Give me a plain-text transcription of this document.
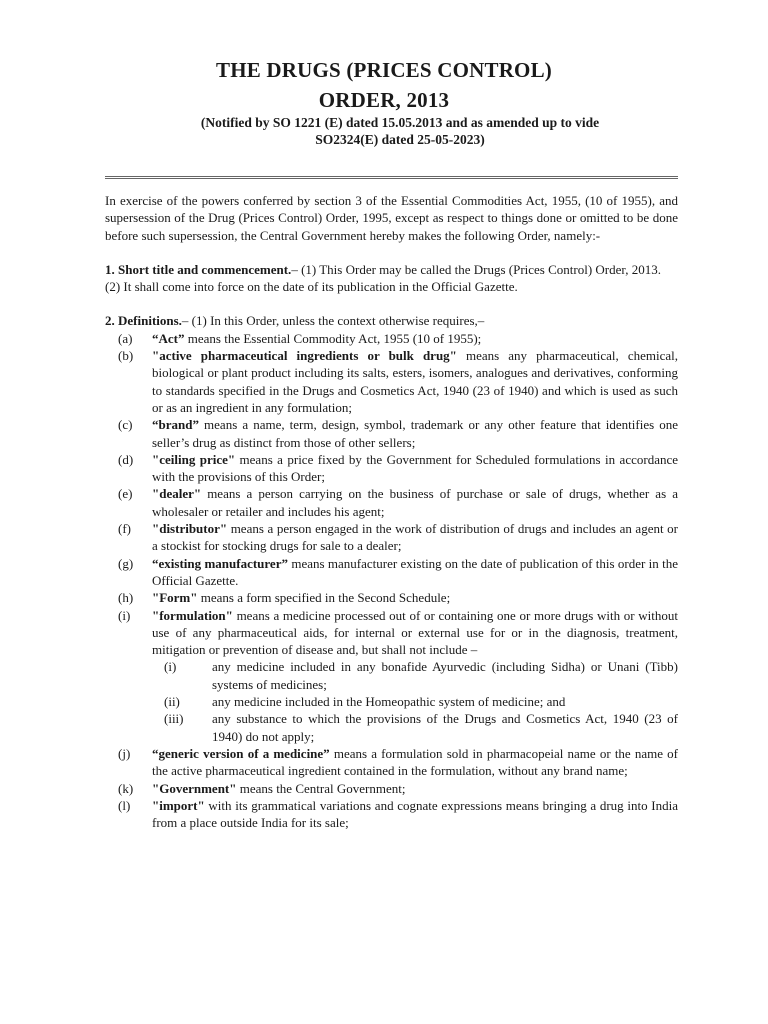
THE DRUGS (PRICES CONTROL)
ORDER, 2013
(Notified by SO 1221 (E) dated 15.05.2013 and as amended up to vide
SO2324(E) dated 25-05-2023)

In exercise of the powers conferred by section 3 of the Essential Commodities Act, 1955, (10 of 1955), and supersession of the Drug (Prices Control) Order, 1995, except as respect to things done or omitted to be done before such supersession, the Central Government hereby makes the following Order, namely:-

1. Short title and commencement.– (1) This Order may be called the Drugs (Prices Control) Order, 2013.

(2) It shall come into force on the date of its publication in the Official Gazette.

2. Definitions.– (1) In this Order, unless the context otherwise requires,–

(a)	“Act” means the Essential Commodity Act, 1955 (10 of 1955);
(b)	"active pharmaceutical ingredients or bulk drug" means any pharmaceutical, chemical, biological or plant product including its salts, esters, isomers, analogues and derivatives, conforming to standards specified in the Drugs and Cosmetics Act, 1940 (23 of 1940) and which is used as such or as an ingredient in any formulation;
(c)	“brand” means a name, term, design, symbol, trademark or any other feature that identifies one seller’s drug as distinct from those of other sellers;
(d)	"ceiling price" means a price fixed by the Government for Scheduled formulations in accordance with the provisions of this Order;
(e)	"dealer" means a person carrying on the business of purchase or sale of drugs, whether as a wholesaler or retailer and includes his agent;
(f)	"distributor" means a person engaged in the work of distribution of drugs and includes an agent or a stockist for stocking drugs for sale to a dealer;
(g)	“existing manufacturer” means manufacturer existing on the date of publication of this order in the Official Gazette.
(h)	"Form" means a form specified in the Second Schedule;
(i)	"formulation" means a medicine processed out of or containing one or more drugs with or without use of any pharmaceutical aids, for internal or external use for or in the diagnosis, treatment, mitigation or prevention of disease and, but shall not include –
(i)	any medicine included in any bonafide Ayurvedic (including Sidha) or Unani (Tibb) systems of medicines;
(ii)	any medicine included in the Homeopathic system of medicine; and
(iii)	any substance to which the provisions of the Drugs and Cosmetics Act, 1940 (23 of 1940) do not apply;
(j)	“generic version of a medicine” means a formulation sold in pharmacopeial name or the name of the active pharmaceutical ingredient contained in the formulation, without any brand name;
(k)	"Government" means the Central Government;
(l)	"import" with its grammatical variations and cognate expressions means bringing a drug into India from a place outside India for its sale;
